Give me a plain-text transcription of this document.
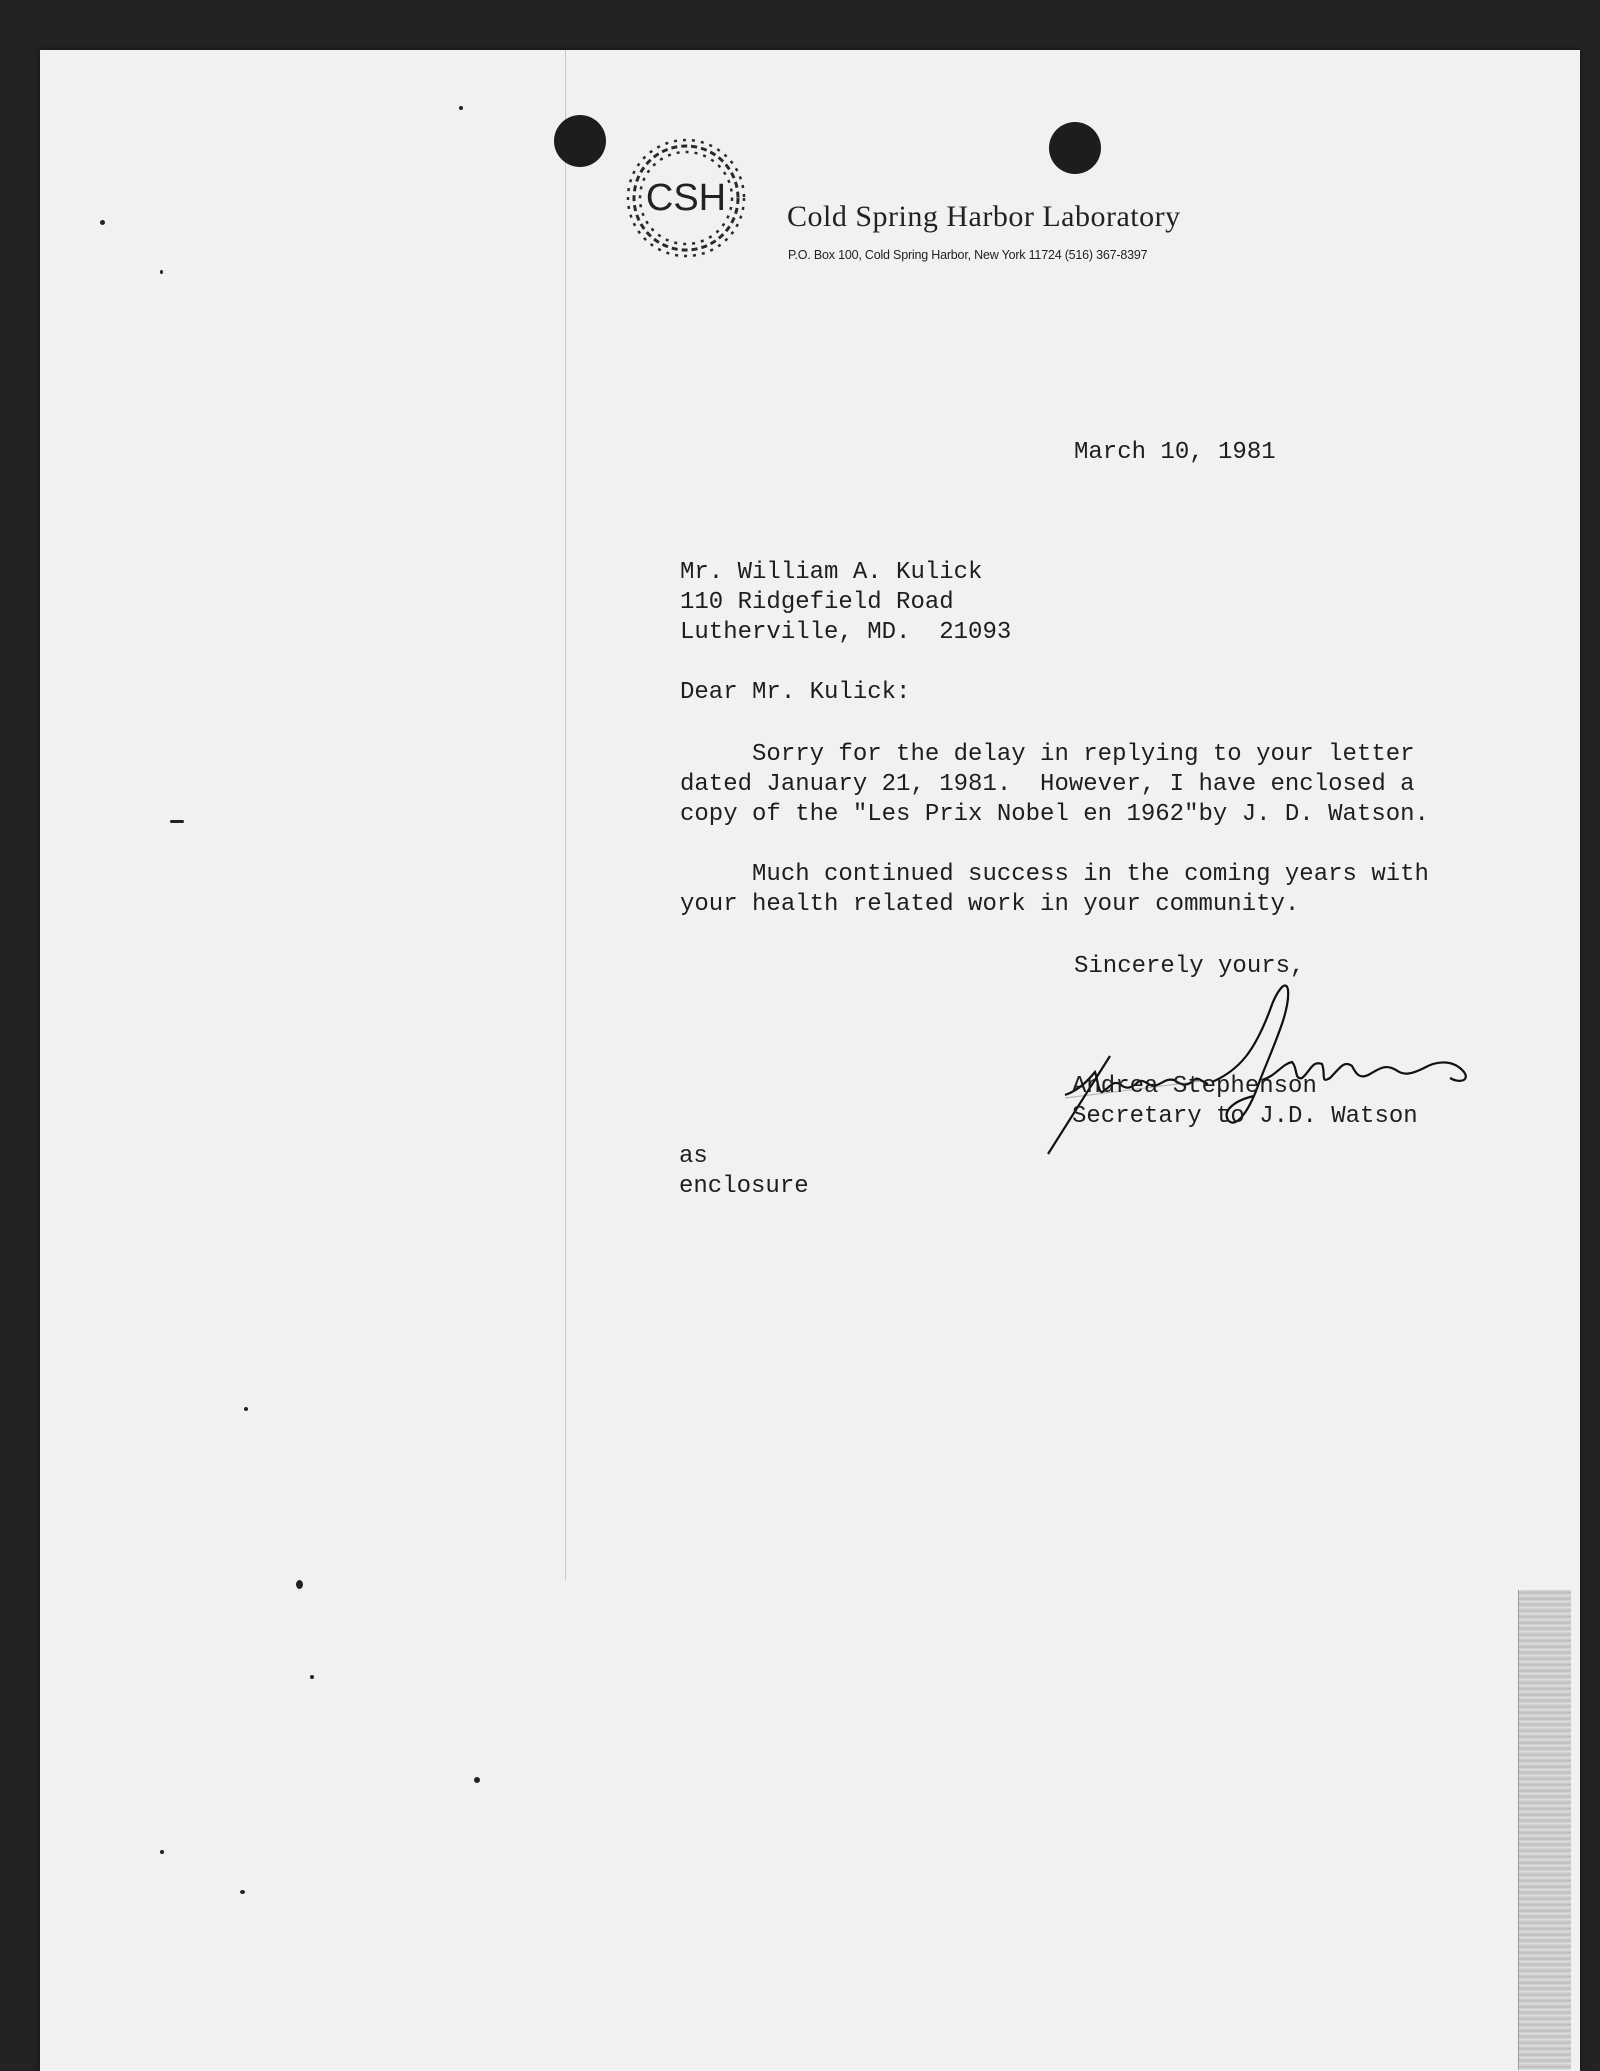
CSH Cold Spring Harbor Laboratory
P.O. Box 100, Cold Spring Harbor, New York 11724 (516) 367-8397
March 10, 1981
Mr. William A. Kulick
110 Ridgefield Road
Lutherville, MD.  21093
Dear Mr. Kulick:
Sorry for the delay in replying to your letter
dated January 21, 1981.  However, I have enclosed a
copy of the "Les Prix Nobel en 1962"by J. D. Watson.
Much continued success in the coming years with
your health related work in your community.
Sincerely yours,
Andrea Stephenson
Secretary to J.D. Watson
as
enclosure
